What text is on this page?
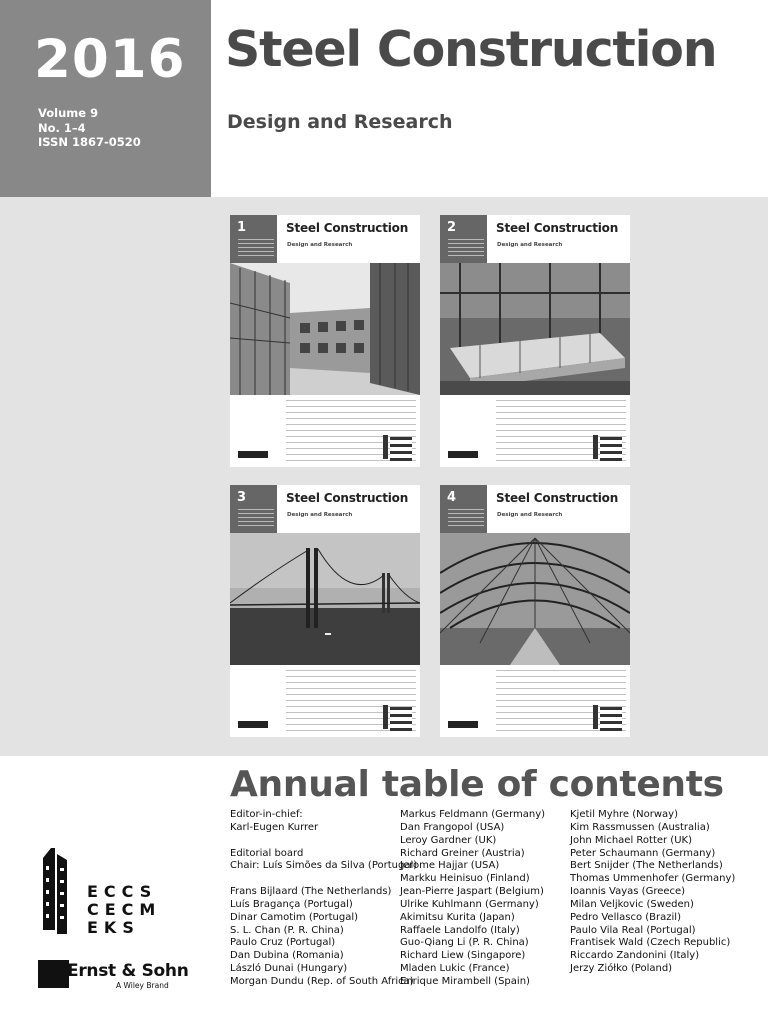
2016
Volume 9
No. 1–4
ISSN 1867-0520
Steel Construction
Design and Research
1	Steel Construction
Design and Research
2	Steel Construction
Design and Research
3	Steel Construction
Design and Research
4	Steel Construction
Design and Research
Annual table of contents
Editor-in-chief:
Karl-Eugen Kurrer
Editorial board
Chair: Luís Simões da Silva (Portugal)
Frans Bijlaard (The Netherlands)
Luís Bragança (Portugal)
Dinar Camotim (Portugal)
S. L. Chan (P. R. China)
Paulo Cruz (Portugal)
Dan Dubina (Romania)
László Dunai (Hungary)
Morgan Dundu (Rep. of South Africa)
Markus Feldmann (Germany)
Dan Frangopol (USA)
Leroy Gardner (UK)
Richard Greiner (Austria)
Jerome Hajjar (USA)
Markku Heinisuo (Finland)
Jean-Pierre Jaspart (Belgium)
Ulrike Kuhlmann (Germany)
Akimitsu Kurita (Japan)
Raffaele Landolfo (Italy)
Guo-Qiang Li (P. R. China)
Richard Liew (Singapore)
Mladen Lukic (France)
Enrique Mirambell (Spain)
Kjetil Myhre (Norway)
Kim Rassmussen (Australia)
John Michael Rotter (UK)
Peter Schaumann (Germany)
Bert Snijder (The Netherlands)
Thomas Ummenhofer (Germany)
Ioannis Vayas (Greece)
Milan Veljkovic (Sweden)
Pedro Vellasco (Brazil)
Paulo Vila Real (Portugal)
Frantisek Wald (Czech Republic)
Riccardo Zandonini (Italy)
Jerzy Ziółko (Poland)
ECCS
CECM
EKS
Ernst & Sohn
A Wiley Brand
